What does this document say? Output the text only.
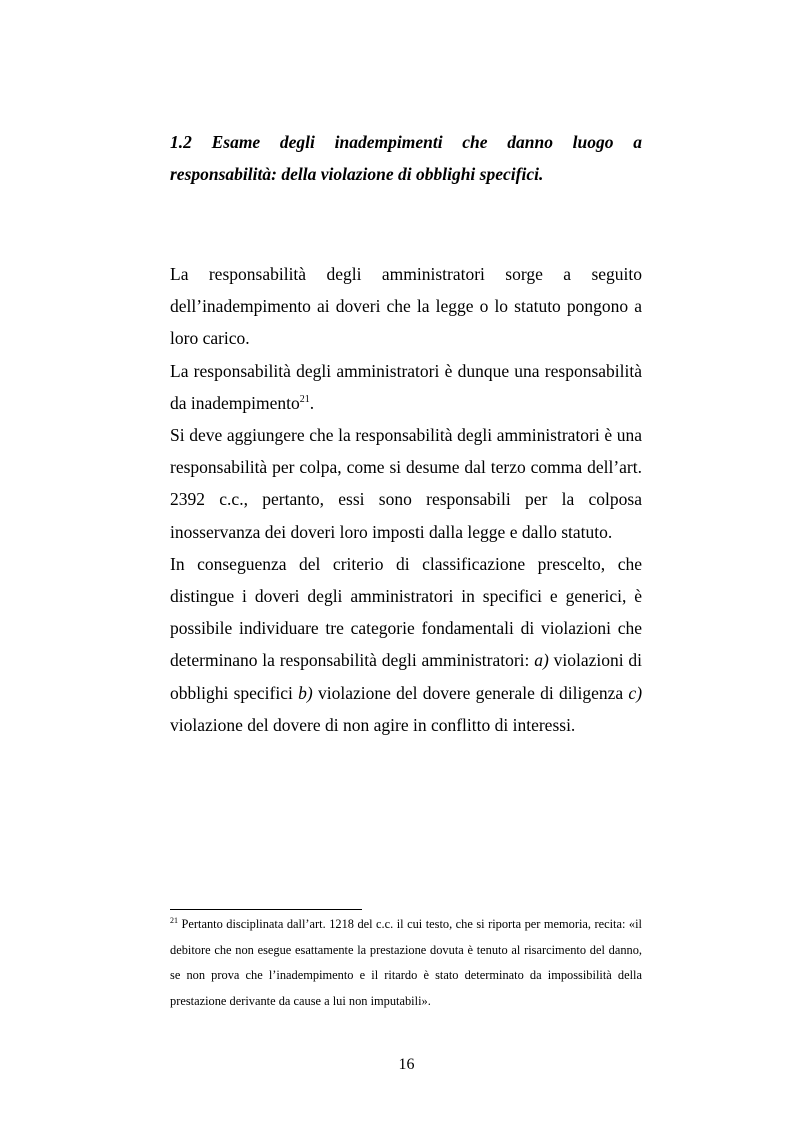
1.2 Esame degli inadempimenti che danno luogo a responsabilità: della violazione di obblighi specifici.

La responsabilità degli amministratori sorge a seguito dell’inadempimento ai doveri che la legge o lo statuto pongono a loro carico.

La responsabilità degli amministratori è dunque una responsabilità da inadempimento$^{21}$.

Si deve aggiungere che la responsabilità degli amministratori è una responsabilità per colpa, come si desume dal terzo comma dell’art. 2392 c.c., pertanto, essi sono responsabili per la colposa inosservanza dei doveri loro imposti dalla legge e dallo statuto.

In conseguenza del criterio di classificazione prescelto, che distingue i doveri degli amministratori in specifici e generici, è possibile individuare tre categorie fondamentali di violazioni che determinano la responsabilità degli amministratori: a) violazioni di obblighi specifici b) violazione del dovere generale di diligenza c) violazione del dovere di non agire in conflitto di interessi.

$^{21}$ Pertanto disciplinata dall’art. 1218 del c.c. il cui testo, che si riporta per memoria, recita: «il debitore che non esegue esattamente la prestazione dovuta è tenuto al risarcimento del danno, se non prova che l’inadempimento e il ritardo è stato determinato da impossibilità della prestazione derivante da cause a lui non imputabili».
16
